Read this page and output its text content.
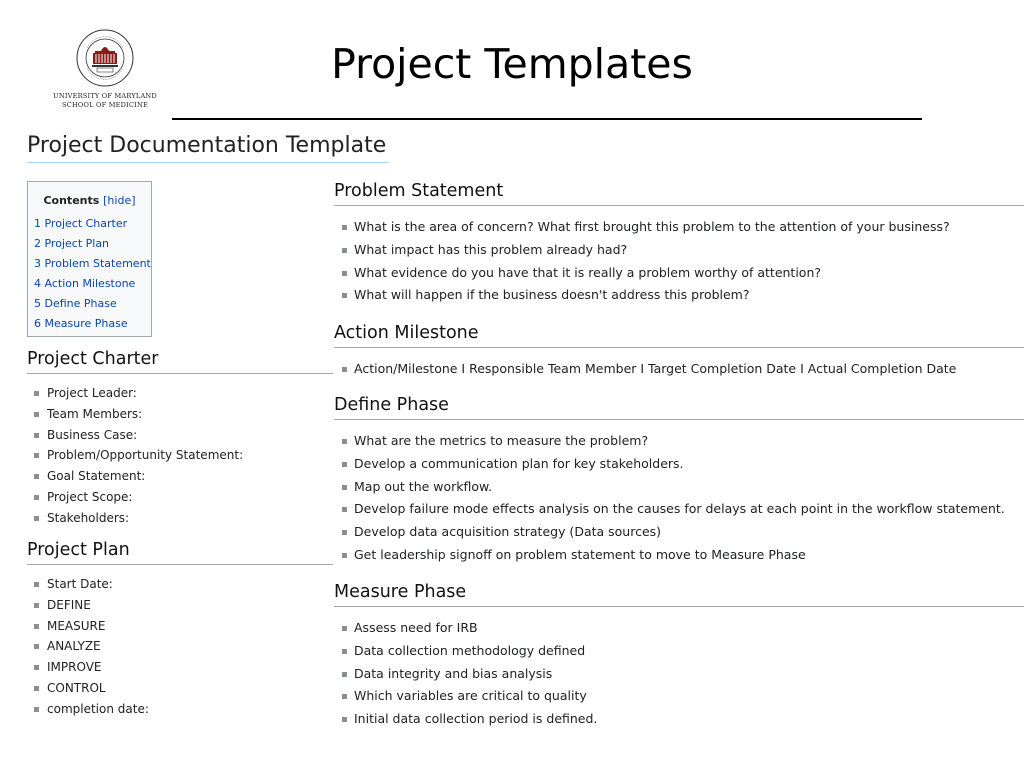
UNIVERSITY OF MARYLAND
SCHOOL OF MEDICINE
Project Templates
Project Documentation Template
Contents [hide]
1 Project Charter
2 Project Plan
3 Problem Statement
4 Action Milestone
5 Define Phase
6 Measure Phase
Project Charter
Project Leader:
Team Members:
Business Case:
Problem/Opportunity Statement:
Goal Statement:
Project Scope:
Stakeholders:
Project Plan
Start Date:
DEFINE
MEASURE
ANALYZE
IMPROVE
CONTROL
completion date:
Problem Statement
What is the area of concern? What first brought this problem to the attention of your business?
What impact has this problem already had?
What evidence do you have that it is really a problem worthy of attention?
What will happen if the business doesn't address this problem?
Action Milestone
Action/Milestone I Responsible Team Member I Target Completion Date I Actual Completion Date
Define Phase
What are the metrics to measure the problem?
Develop a communication plan for key stakeholders.
Map out the workflow.
Develop failure mode effects analysis on the causes for delays at each point in the workflow statement.
Develop data acquisition strategy (Data sources)
Get leadership signoff on problem statement to move to Measure Phase
Measure Phase
Assess need for IRB
Data collection methodology defined
Data integrity and bias analysis
Which variables are critical to quality
Initial data collection period is defined.
